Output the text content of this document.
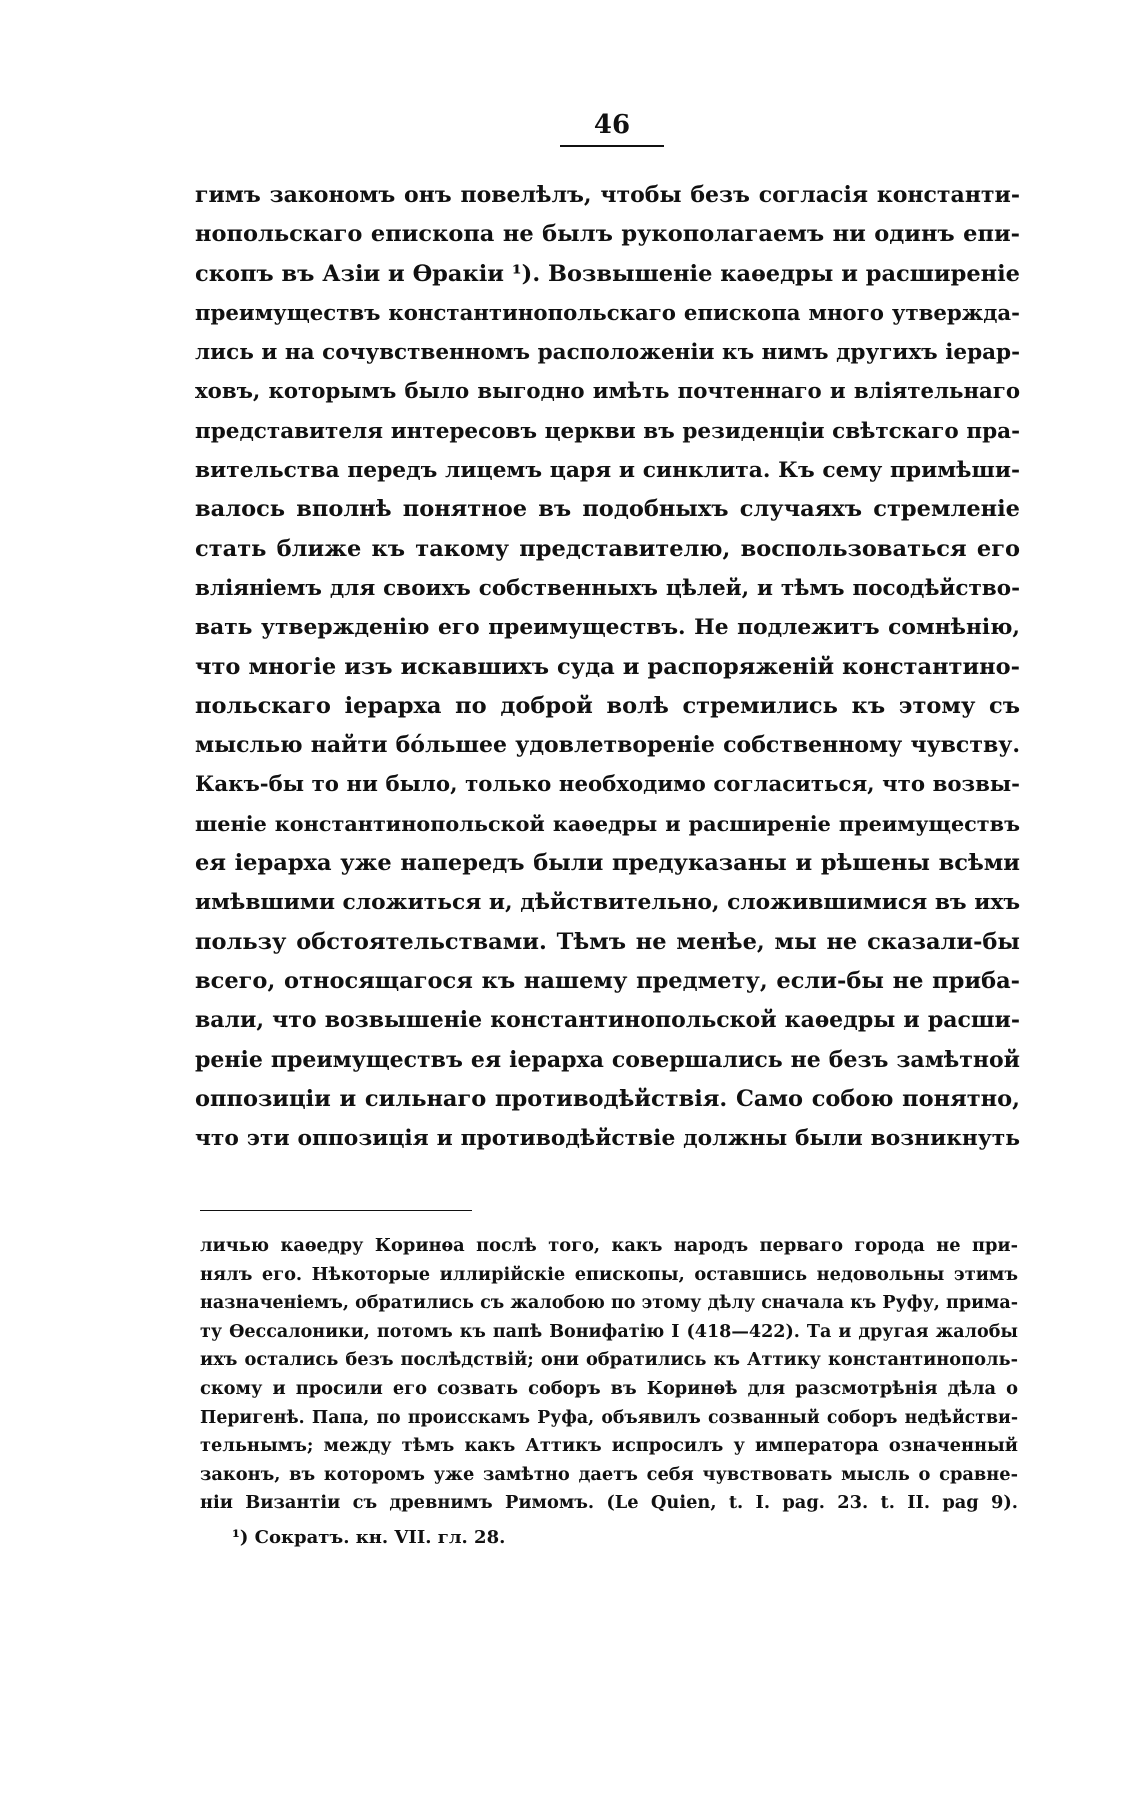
46
гимъ закономъ онъ повелѣлъ, чтобы безъ согласія константи-
нопольскаго епископа не былъ рукополагаемъ ни одинъ епи-
скопъ въ Азіи и Ѳракіи ¹). Возвышеніе каѳедры и расширеніе
преимуществъ константинопольскаго епископа много утвержда-
лись и на сочувственномъ расположеніи къ нимъ другихъ іерар-
ховъ, которымъ было выгодно имѣть почтеннаго и вліятельнаго
представителя интересовъ церкви въ резиденціи свѣтскаго пра-
вительства передъ лицемъ царя и синклита. Къ сему примѣши-
валось вполнѣ понятное въ подобныхъ случаяхъ стремленіе
стать ближе къ такому представителю, воспользоваться его
вліяніемъ для своихъ собственныхъ цѣлей, и тѣмъ посодѣйство-
вать утвержденію его преимуществъ. Не подлежитъ сомнѣнію,
что многіе изъ искавшихъ суда и распоряженій константино-
польскаго іерарха по доброй волѣ стремились къ этому съ
мыслью найти бо́льшее удовлетвореніе собственному чувству.
Какъ-бы то ни было, только необходимо согласиться, что возвы-
шеніе константинопольской каѳедры и расширеніе преимуществъ
ея іерарха уже напередъ были предуказаны и рѣшены всѣми
имѣвшими сложиться и, дѣйствительно, сложившимися въ ихъ
пользу обстоятельствами. Тѣмъ не менѣе, мы не сказали-бы
всего, относящагося къ нашему предмету, если-бы не приба-
вали, что возвышеніе константинопольской каѳедры и расши-
реніе преимуществъ ея іерарха совершались не безъ замѣтной
оппозиціи и сильнаго противодѣйствія. Само собою понятно,
что эти оппозиція и противодѣйствіе должны были возникнуть
личью каѳедру Коринѳа послѣ того, какъ народъ перваго города не при-
нялъ его. Нѣкоторые иллирійскіе епископы, оставшись недовольны этимъ
назначеніемъ, обратились съ жалобою по этому дѣлу сначала къ Руфу, прима-
ту Ѳессалоники, потомъ къ папѣ Вонифатію I (418—422). Та и другая жалобы
ихъ остались безъ послѣдствій; они обратились къ Аттику константинополь-
скому и просили его созвать соборъ въ Коринѳѣ для разсмотрѣнія дѣла о
Перигенѣ. Папа, по происскамъ Руфа, объявилъ созванный соборъ недѣйстви-
тельнымъ; между тѣмъ какъ Аттикъ испросилъ у императора означенный
законъ, въ которомъ уже замѣтно даетъ себя чувствовать мысль о сравне-
ніи Византіи съ древнимъ Римомъ. (Le Quien, t. I. pag. 23. t. II. pag 9).
¹) Сократъ. кн. VII. гл. 28.
